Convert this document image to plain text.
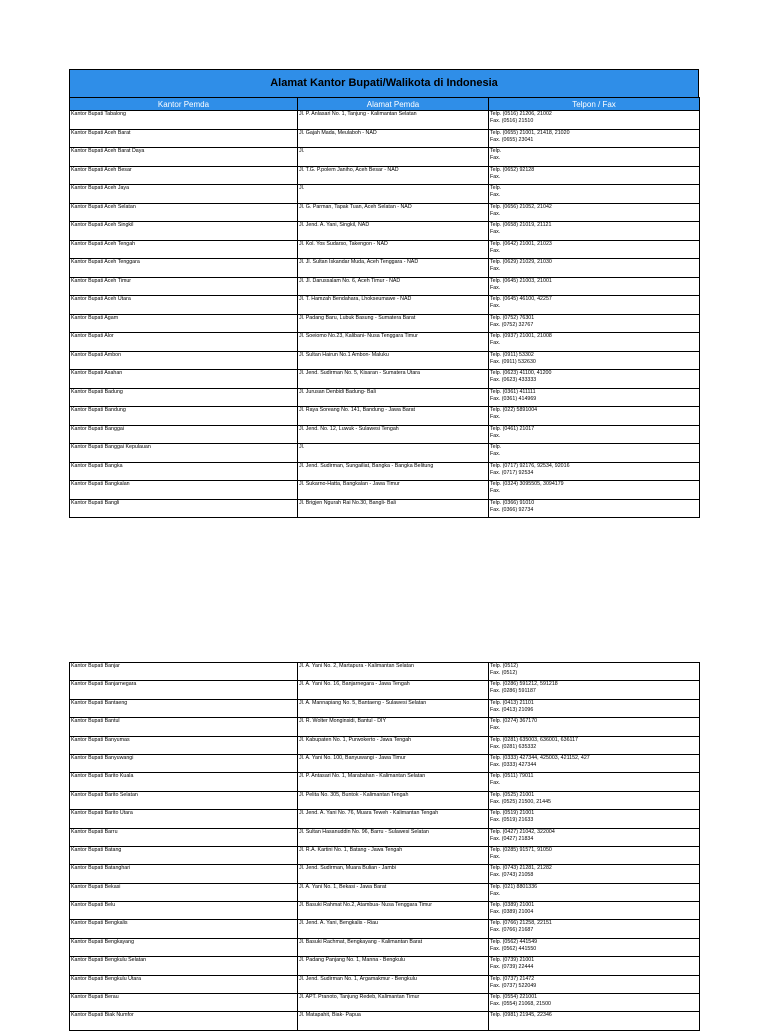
Alamat Kantor Bupati/Walikota di Indonesia
Kantor Pemda	Alamat Pemda	Telpon / Fax
Kantor Bupati Tabalong	Jl. P. Anlasari No. 1, Tanjung - Kalimantan Selatan	Telp. (0516) 21206, 21002
Fax. (0516) 21510

Kantor Bupati Aceh Barat	Jl. Gajah Mada, Meulaboh - NAD	Telp. (0655) 21001, 21418, 21020
Fax. (0655) 23041

Kantor Bupati Aceh Barat Daya	Jl.	Telp.
Fax.

Kantor Bupati Aceh Besar	Jl. T.G. P.polem Janiho, Aceh Besar - NAD	Telp. (0652) 92128
Fax.

Kantor Bupati Aceh Jaya	Jl.	Telp.
Fax.

Kantor Bupati Aceh Selatan	Jl. G. Parman, Tapak Tuan, Aceh Selatan - NAD	Telp. (0656) 21052, 21042
Fax.

Kantor Bupati Aceh Singkil	Jl. Jend. A. Yani, Singkil, NAD	Telp. (0658) 21019, 21121
Fax.

Kantor Bupati Aceh Tengah	Jl. Kol. Yos Sudarso, Takengon - NAD	Telp. (0642) 21001, 21023
Fax.

Kantor Bupati Aceh Tenggara	Jl. Jl. Sultan Iskandar Muda, Aceh Tenggara - NAD	Telp. (0629) 21029, 21030
Fax.

Kantor Bupati Aceh Timur	Jl. Jl. Darussalam No. 6, Aceh Timur - NAD	Telp. (0645) 21003, 21001
Fax.

Kantor Bupati Aceh Utara	Jl. T. Hamzah Bendahara, Lhokseumawe - NAD	Telp. (0645) 46100, 42257
Fax.

Kantor Bupati Agam	Jl. Padang Baru, Lubuk Basung - Sumatera Barat	Telp. (0752) 76301
Fax. (0752) 32767

Kantor Bupati Alor	Jl. Soeiomo No.23, Kalibani- Nusa Tenggara Timur	Telp. (0937) 21001, 21008
Fax.

Kantor Bupati Ambon	Jl. Sultan Hairun No.1 Ambon- Maluku	Telp. (0911) 53302
Fax. (0911) 532630

Kantor Bupati Asahan	Jl. Jend. Sudirman No. 5, Kisaran - Sumatera Utara	Telp. (0623) 41100, 41200
Fax. (0623) 433333

Kantor Bupati Badung	Jl. Jurusan Denbidi Badung- Bali	Telp. (0361) 411111
Fax. (0361) 414969

Kantor Bupati Bandung	Jl. Raya Soreang No. 141, Bandung - Jawa Barat	Telp. (022) 5891004
Fax.

Kantor Bupati Banggai	Jl. Jend. No. 12, Luwuk - Sulawesi Tengah	Telp. (0461) 21017
Fax.

Kantor Bupati Banggai Kepulauan	Jl.	Telp.
Fax.

Kantor Bupati Bangka	Jl. Jend. Sudirman, Sungailiat, Bangka - Bangka Belitung	Telp. (0717) 92176, 92534, 92016
Fax. (0717) 92534

Kantor Bupati Bangkalan	Jl. Sukarno-Hatta, Bangkalan - Jawa Timur	Telp. (0324) 3095505, 3094179
Fax.

Kantor Bupati Bangli	Jl. Brigjen Ngurah Rai No.30, Bangli- Bali	Telp. (0366) 91010
Fax. (0366) 92734
Kantor Bupati Banjar	Jl. A. Yani No. 2, Martapura - Kalimantan Selatan	Telp. (0512)
Fax. (0512)

Kantor Bupati Banjarnegara	Jl. A. Yani No. 16, Banjarnegara - Jawa Tengah	Telp. (0286) 591212, 591218
Fax. (0286) 591187

Kantor Bupati Bantaeng	Jl. A. Mannapiang No. 5, Bantaeng - Sulawesi Selatan	Telp. (0413) 21101
Fax. (0413) 21096

Kantor Bupati Bantul	Jl. R. Wolter Monginsidi, Bantul - DIY	Telp. (0274) 367170
Fax.

Kantor Bupati Banyumas	Jl. Kabupaten No. 1, Purwokerto - Jawa Tengah	Telp. (0281) 635003, 636001, 636117
Fax. (0281) 635332

Kantor Bupati Banyuwangi	Jl. A. Yani No. 100, Banyuwangi - Jawa Timur	Telp. (0333) 427344, 425003, 421152, 427
Fax. (0333) 427344

Kantor Bupati Barito Kuala	Jl. P. Antasari No. 1, Marabahan - Kalimantan Selatan	Telp. (0511) 79011
Fax.

Kantor Bupati Barito Selatan	Jl. Pelita No. 305, Buntok - Kalimantan Tengah	Telp. (0525) 21001
Fax. (0525) 21500, 21445

Kantor Bupati Barito Utara	Jl. Jend. A. Yani No. 76, Muara Teweh - Kalimantan Tengah	Telp. (0519) 21001
Fax. (0519) 21633

Kantor Bupati Barru	Jl. Sultan Hasanuddin No. 96, Barru - Sulawesi Selatan	Telp. (0427) 21042, 322004
Fax. (0427) 21834

Kantor Bupati Batang	Jl. R.A. Kartini No. 1, Batang - Jawa Tengah	Telp. (0285) 91571, 91050
Fax.

Kantor Bupati Batanghari	Jl. Jend. Sudirman, Muara Bulian - Jambi	Telp. (0743) 21281, 21282
Fax. (0743) 21058

Kantor Bupati Bekasi	Jl. A. Yani No. 1, Bekasi - Jawa Barat	Telp. (021) 8801336
Fax.

Kantor Bupati Belu	Jl. Basuki Rahmat No.2, Atambua- Nusa Tenggara Timur	Telp. (0389) 21001
Fax. (0389) 21004

Kantor Bupati Bengkalis	Jl. Jend. A. Yani, Bengkalis - Riau	Telp. (0766) 21258, 22151
Fax. (0766) 21687

Kantor Bupati Bengkayang	Jl. Basuki Rachmat, Bengkayang - Kalimantan Barat	Telp. (0562) 441549
Fax. (0562) 441550

Kantor Bupati Bengkulu Selatan	Jl. Padang Panjang No. 1, Manna - Bengkulu	Telp. (0739) 21001
Fax. (0739) 22444

Kantor Bupati Bengkulu Utara	Jl. Jend. Sudirman No. 1, Argamakmur - Bengkulu	Telp. (0737) 21472
Fax. (0737) 522049

Kantor Bupati Berau	Jl. APT. Pranoto, Tanjung Redeb, Kalimantan Timur	Telp. (0554) 221001
Fax. (0554) 21068, 21500

Kantor Bupati Biak Numfor	Jl. Matapahit, Biak- Papua	Telp. (0981) 21945, 22346
